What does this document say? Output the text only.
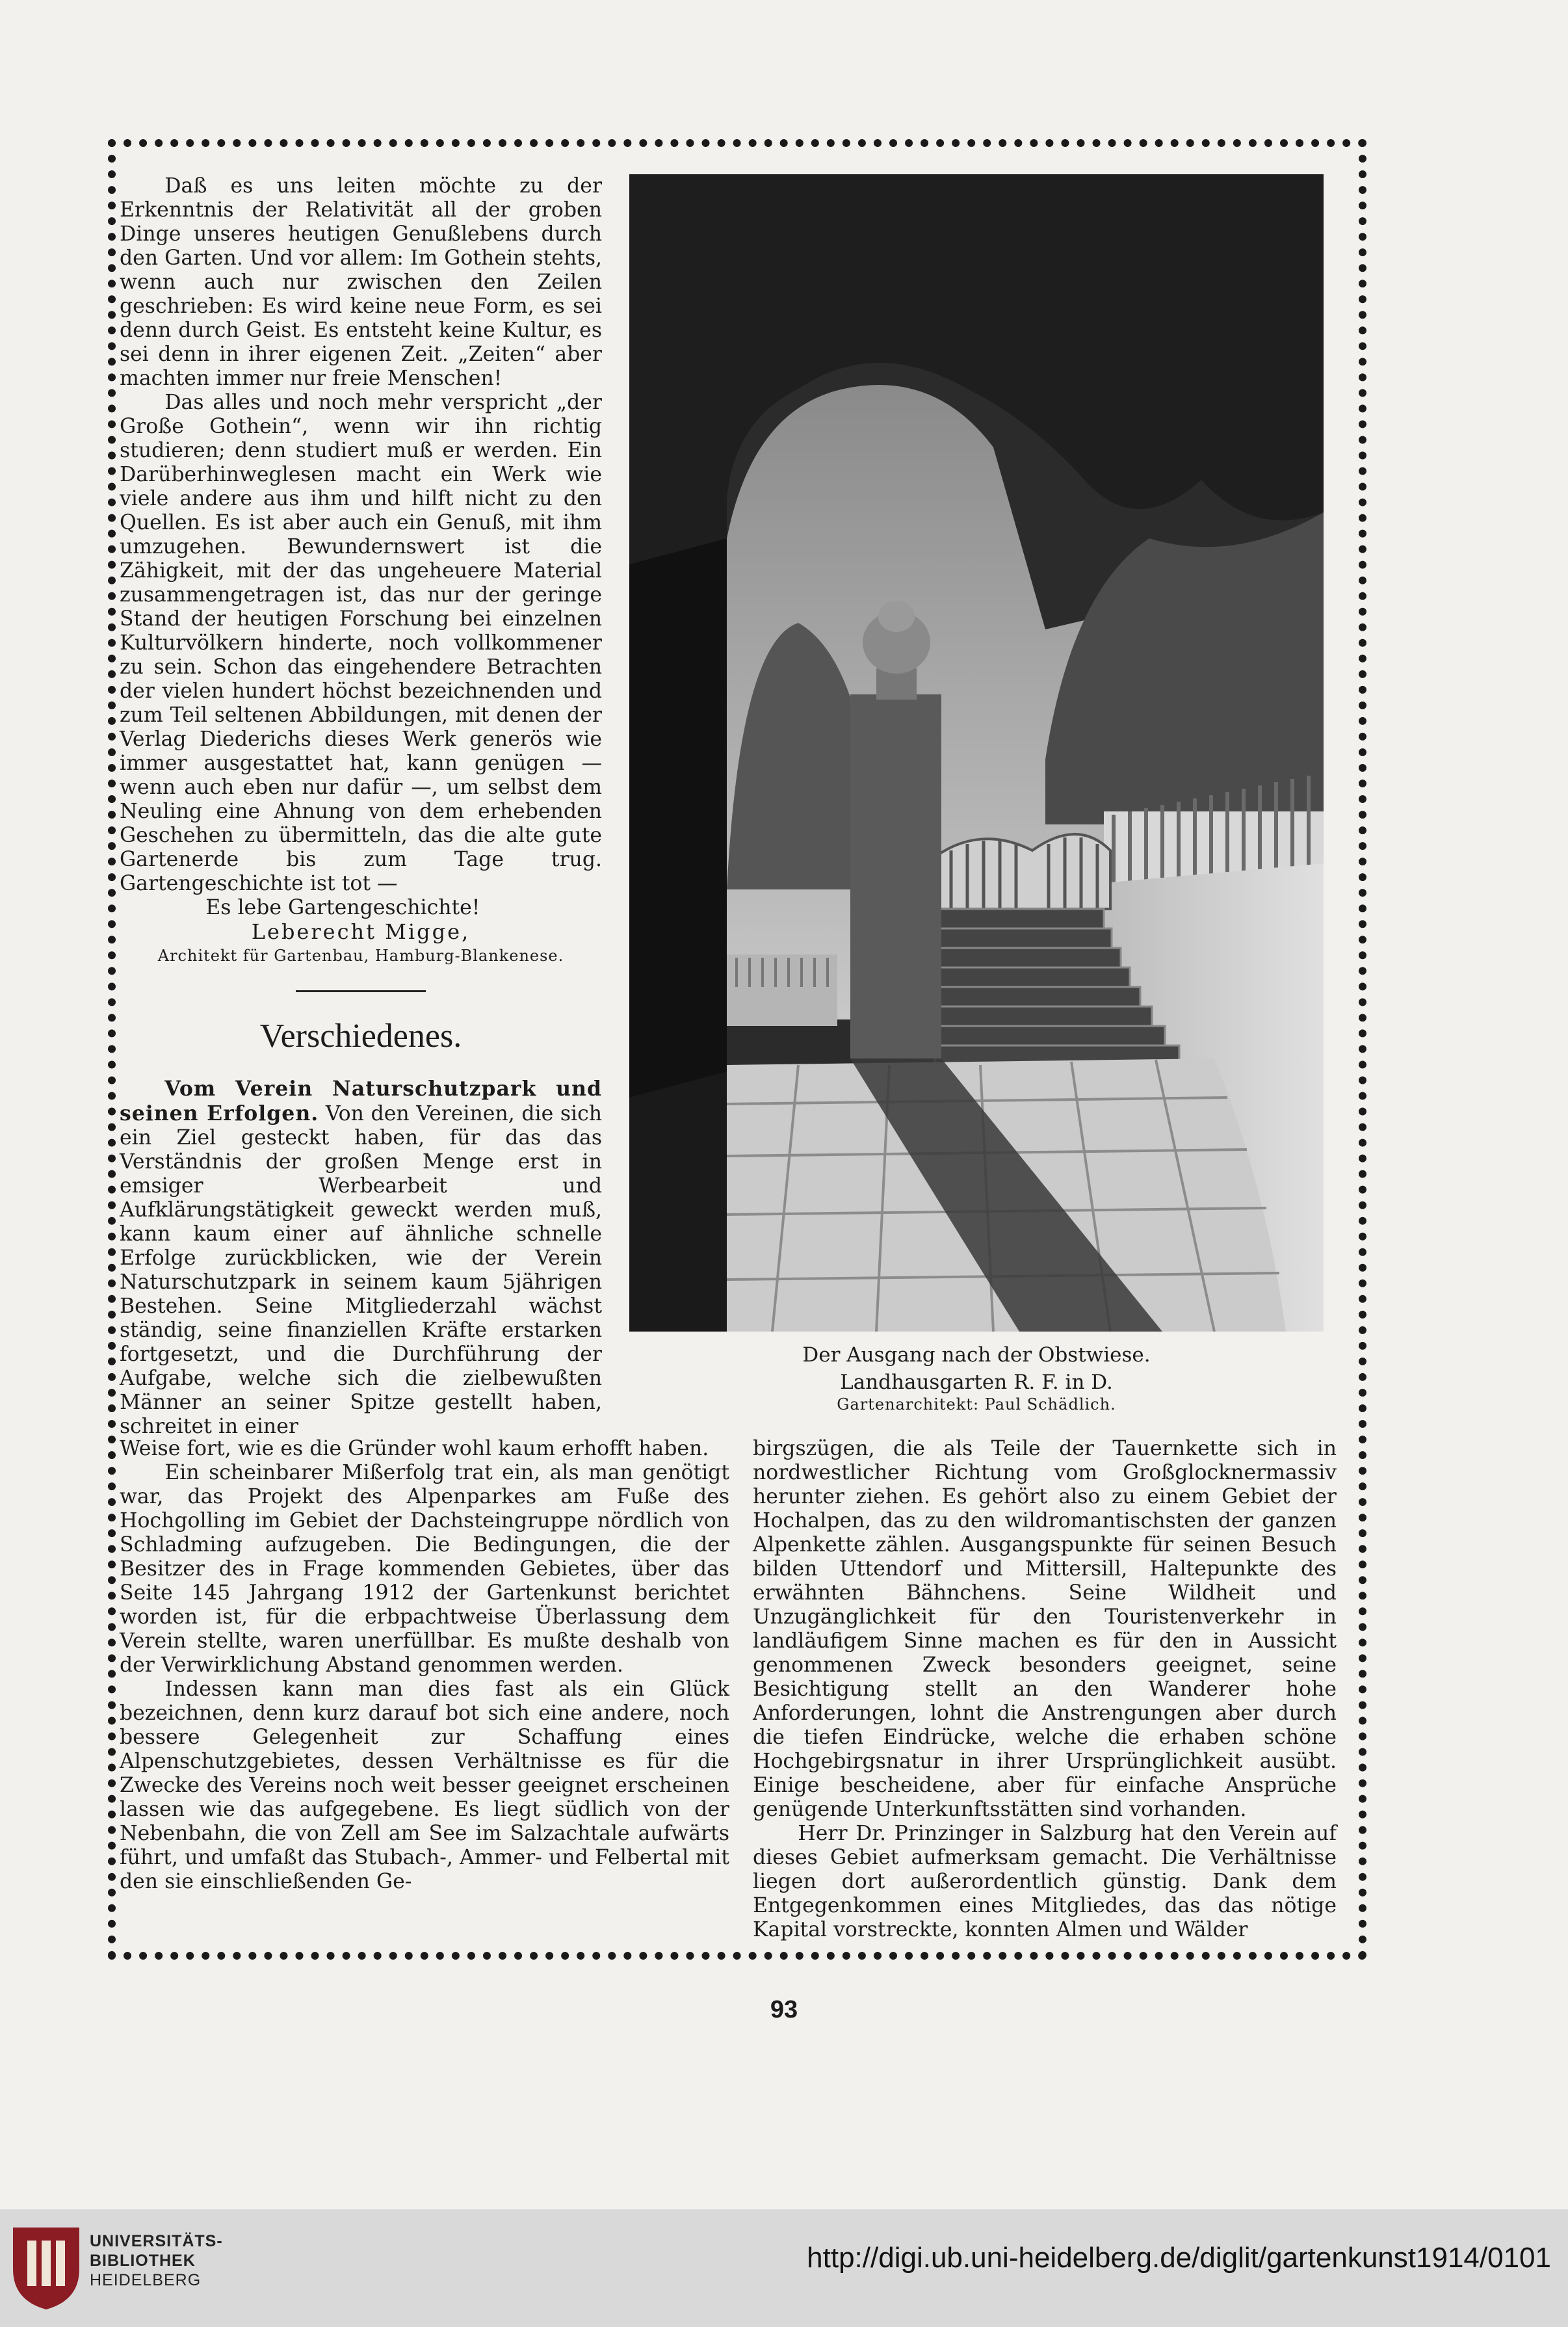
Daß es uns leiten möchte zu der Erkenntnis der Relativität all der groben Dinge unseres heutigen Genußlebens durch den Garten. Und vor allem: Im Gothein stehts, wenn auch nur zwischen den Zeilen geschrieben: Es wird keine neue Form, es sei denn durch Geist. Es entsteht keine Kultur, es sei denn in ihrer eigenen Zeit. „Zeiten“ aber machten immer nur freie Menschen!

Das alles und noch mehr verspricht „der Große Gothein“, wenn wir ihn richtig studieren; denn studiert muß er werden. Ein Darüberhinweglesen macht ein Werk wie viele andere aus ihm und hilft nicht zu den Quellen. Es ist aber auch ein Genuß, mit ihm umzugehen. Bewundernswert ist die Zähigkeit, mit der das ungeheuere Material zusammengetragen ist, das nur der geringe Stand der heutigen Forschung bei einzelnen Kulturvölkern hinderte, noch vollkommener zu sein. Schon das eingehendere Betrachten der vielen hundert höchst bezeichnenden und zum Teil seltenen Abbildungen, mit denen der Verlag Diederichs dieses Werk generös wie immer ausgestattet hat, kann genügen — wenn auch eben nur dafür —, um selbst dem Neuling eine Ahnung von dem erhebenden Geschehen zu übermitteln, das die alte gute Gartenerde bis zum Tage trug. Gartengeschichte ist tot —

Es lebe Gartengeschichte!

Leberecht Migge,

Architekt für Gartenbau, Hamburg-Blankenese.

Verschiedenes.

Vom Verein Naturschutzpark und seinen Erfolgen. Von den Vereinen, die sich ein Ziel gesteckt haben, für das das Verständnis der großen Menge erst in emsiger Werbearbeit und Aufklärungstätigkeit geweckt werden muß, kann kaum einer auf ähnliche schnelle Erfolge zurückblicken, wie der Verein Naturschutzpark in seinem kaum 5jährigen Bestehen. Seine Mitgliederzahl wächst ständig, seine finanziellen Kräfte erstarken fortgesetzt, und die Durchführung der Aufgabe, welche sich die zielbewußten Männer an seiner Spitze gestellt haben, schreitet in einer

Der Ausgang nach der Obstwiese.
Landhausgarten R. F. in D.
Gartenarchitekt: Paul Schädlich.

Weise fort, wie es die Gründer wohl kaum erhofft haben.

Ein scheinbarer Mißerfolg trat ein, als man genötigt war, das Projekt des Alpenparkes am Fuße des Hochgolling im Gebiet der Dachsteingruppe nördlich von Schladming aufzugeben. Die Bedingungen, die der Besitzer des in Frage kommenden Gebietes, über das Seite 145 Jahrgang 1912 der Gartenkunst berichtet worden ist, für die erbpachtweise Überlassung dem Verein stellte, waren unerfüllbar. Es mußte deshalb von der Verwirklichung Abstand genommen werden.

Indessen kann man dies fast als ein Glück bezeichnen, denn kurz darauf bot sich eine andere, noch bessere Gelegenheit zur Schaffung eines Alpenschutzgebietes, dessen Verhältnisse es für die Zwecke des Vereins noch weit besser geeignet erscheinen lassen wie das aufgegebene. Es liegt südlich von der Nebenbahn, die von Zell am See im Salzachtale aufwärts führt, und umfaßt das Stubach-, Ammer- und Felbertal mit den sie einschließenden Ge-

birgszügen, die als Teile der Tauernkette sich in nordwestlicher Richtung vom Großglocknermassiv herunter ziehen. Es gehört also zu einem Gebiet der Hochalpen, das zu den wildromantischsten der ganzen Alpenkette zählen. Ausgangspunkte für seinen Besuch bilden Uttendorf und Mittersill, Haltepunkte des erwähnten Bähnchens. Seine Wildheit und Unzugänglichkeit für den Touristenverkehr in landläufigem Sinne machen es für den in Aussicht genommenen Zweck besonders geeignet, seine Besichtigung stellt an den Wanderer hohe Anforderungen, lohnt die Anstrengungen aber durch die tiefen Eindrücke, welche die erhaben schöne Hochgebirgsnatur in ihrer Ursprünglichkeit ausübt. Einige bescheidene, aber für einfache Ansprüche genügende Unterkunftsstätten sind vorhanden.

Herr Dr. Prinzinger in Salzburg hat den Verein auf dieses Gebiet aufmerksam gemacht. Die Verhältnisse liegen dort außerordentlich günstig. Dank dem Entgegenkommen eines Mitgliedes, das das nötige Kapital vorstreckte, konnten Almen und Wälder

93
UNIVERSITÄTS-
BIBLIOTHEK
HEIDELBERG
http://digi.ub.uni-heidelberg.de/diglit/gartenkunst1914/0101
